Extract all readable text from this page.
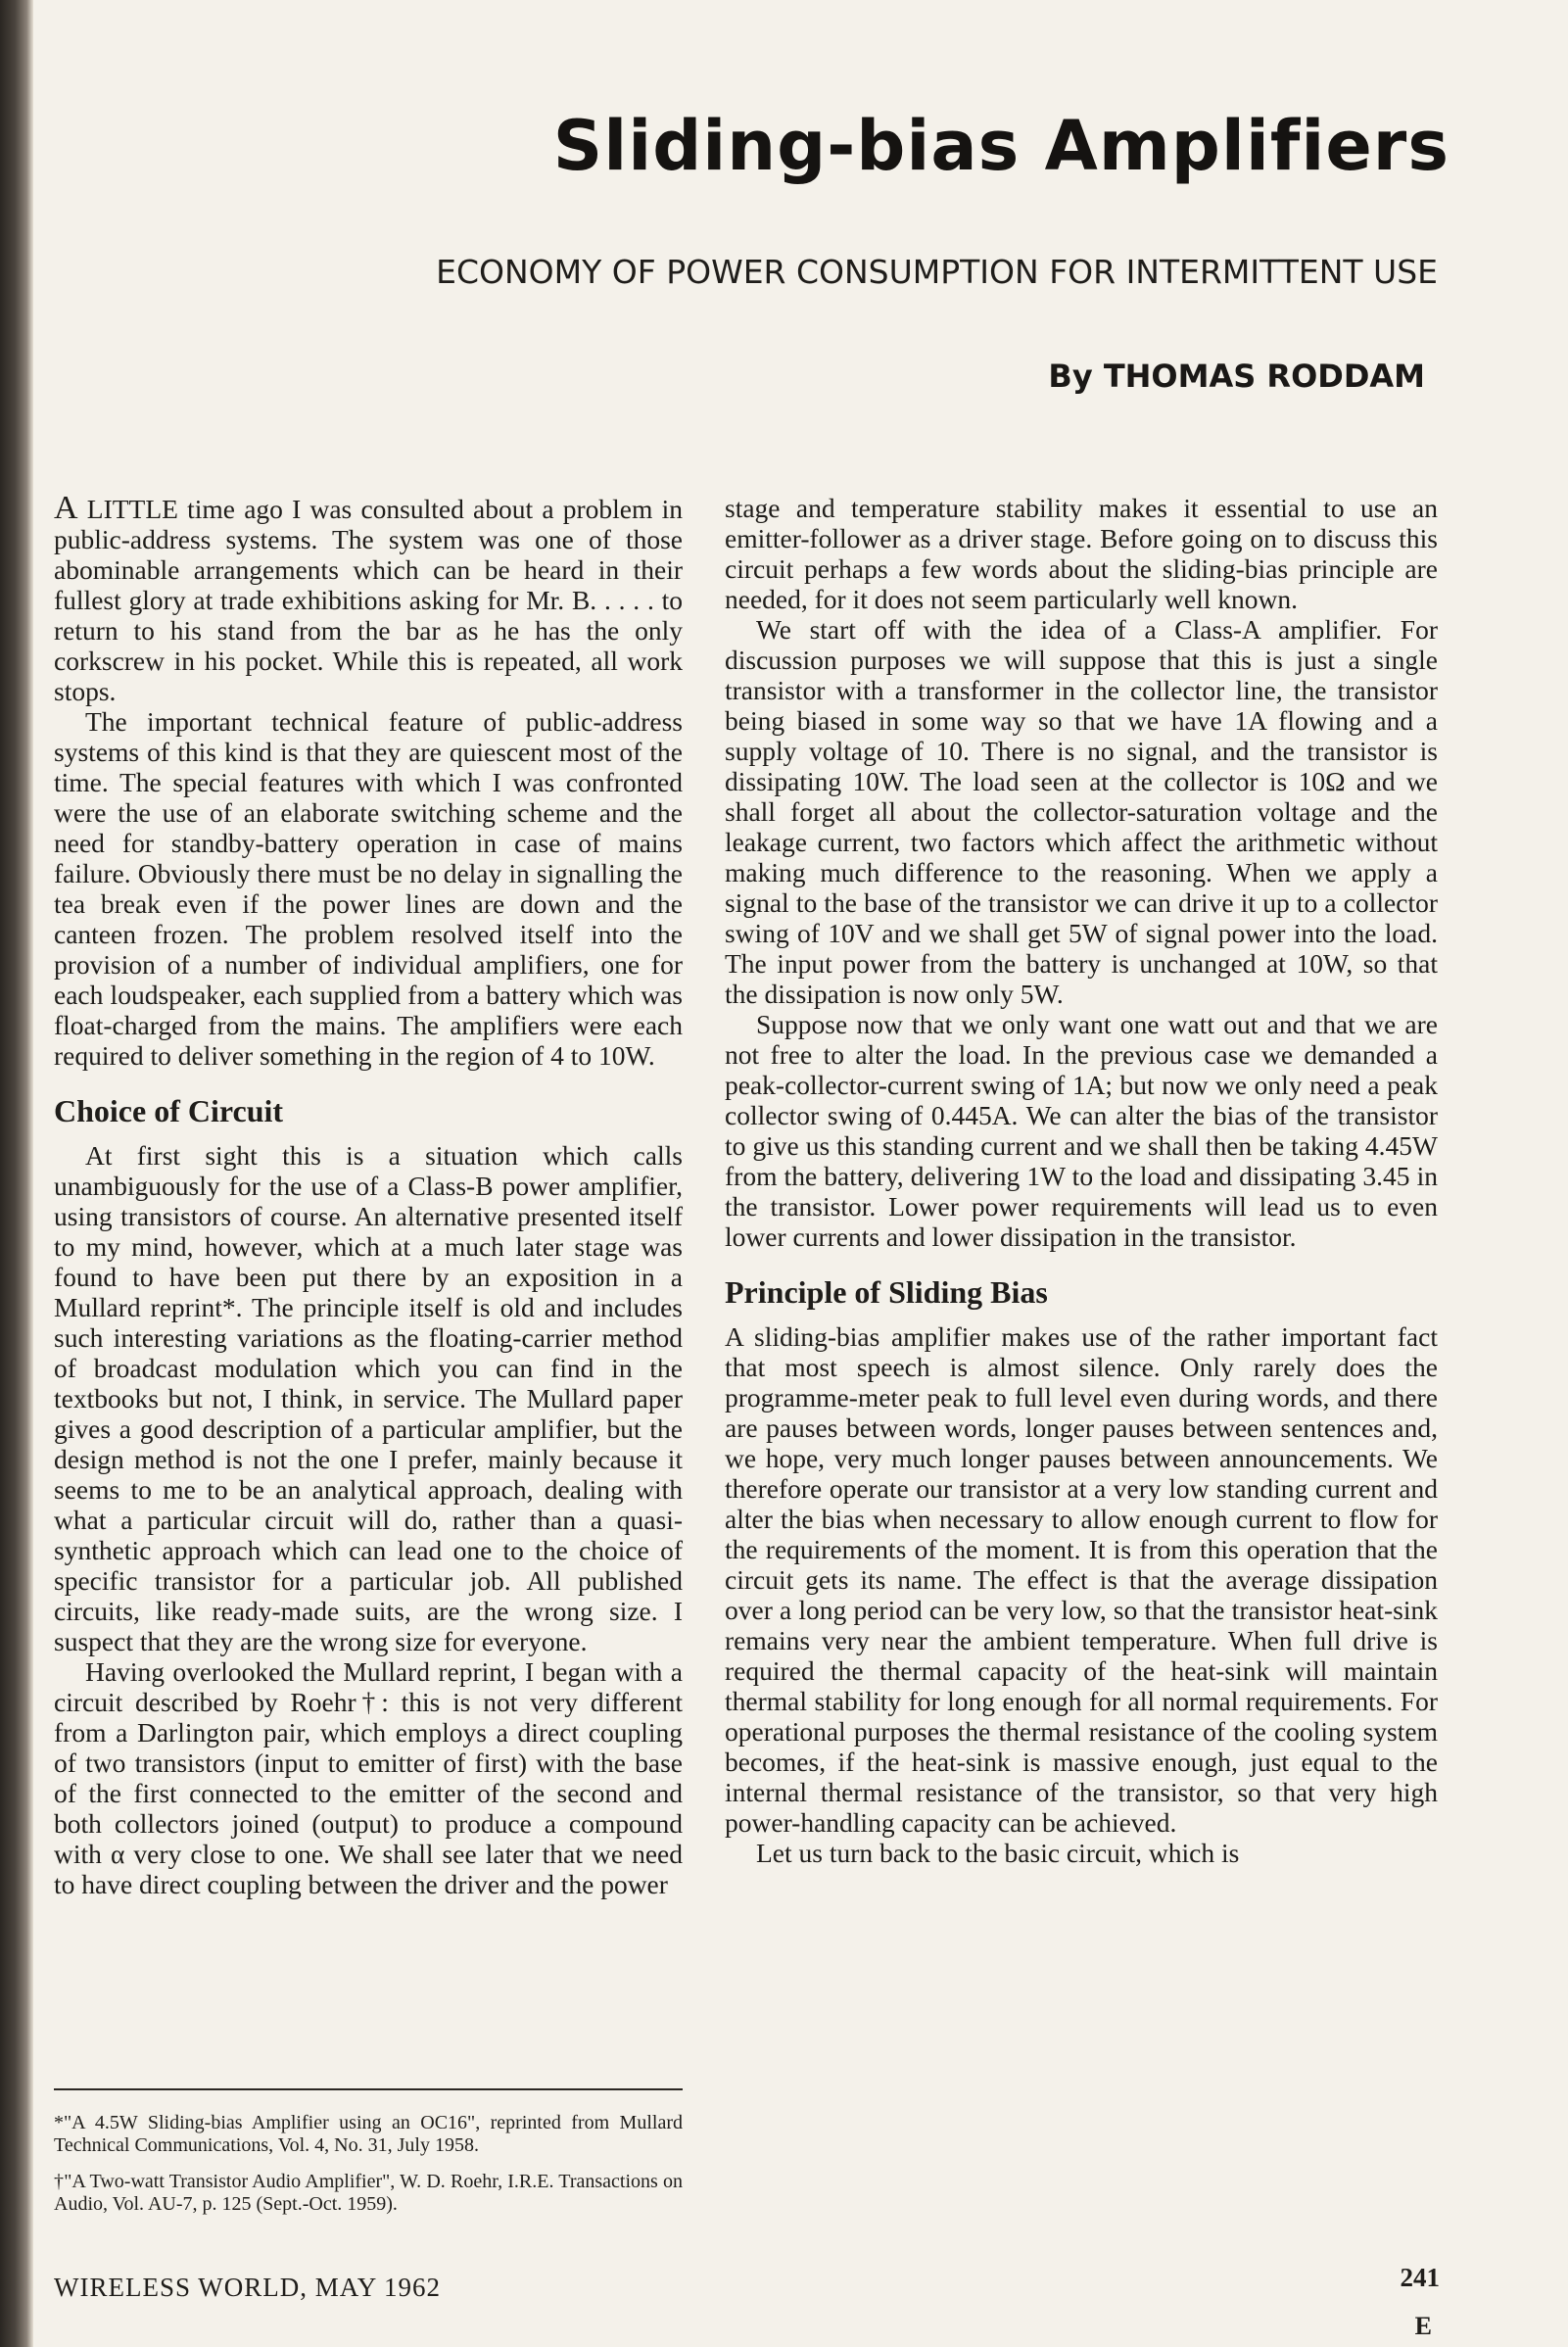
Sliding-bias Amplifiers
ECONOMY OF POWER CONSUMPTION FOR INTERMITTENT USE
By THOMAS RODDAM

A LITTLE time ago I was consulted about a problem in public-address systems. The system was one of those abominable arrangements which can be heard in their fullest glory at trade exhibitions asking for Mr. B. . . . . to return to his stand from the bar as he has the only corkscrew in his pocket. While this is repeated, all work stops.

The important technical feature of public-address systems of this kind is that they are quiescent most of the time. The special features with which I was confronted were the use of an elaborate switching scheme and the need for standby-battery operation in case of mains failure. Obviously there must be no delay in signalling the tea break even if the power lines are down and the canteen frozen. The problem resolved itself into the provision of a number of individual amplifiers, one for each loudspeaker, each supplied from a battery which was float-charged from the mains. The amplifiers were each required to deliver something in the region of 4 to 10W.

Choice of Circuit

At first sight this is a situation which calls unambiguously for the use of a Class-B power amplifier, using transistors of course. An alternative presented itself to my mind, however, which at a much later stage was found to have been put there by an exposition in a Mullard reprint*. The principle itself is old and includes such interesting variations as the floating-carrier method of broadcast modulation which you can find in the textbooks but not, I think, in service. The Mullard paper gives a good description of a particular amplifier, but the design method is not the one I prefer, mainly because it seems to me to be an analytical approach, dealing with what a particular circuit will do, rather than a quasi-synthetic approach which can lead one to the choice of specific transistor for a particular job. All published circuits, like ready-made suits, are the wrong size. I suspect that they are the wrong size for everyone.

Having overlooked the Mullard reprint, I began with a circuit described by Roehr†: this is not very different from a Darlington pair, which employs a direct coupling of two transistors (input to emitter of first) with the base of the first connected to the emitter of the second and both collectors joined (output) to produce a compound with α very close to one. We shall see later that we need to have direct coupling between the driver and the power

*"A 4.5W Sliding-bias Amplifier using an OC16", reprinted from Mullard Technical Communications, Vol. 4, No. 31, July 1958.

†"A Two-watt Transistor Audio Amplifier", W. D. Roehr, I.R.E. Transactions on Audio, Vol. AU-7, p. 125 (Sept.-Oct. 1959).

stage and temperature stability makes it essential to use an emitter-follower as a driver stage. Before going on to discuss this circuit perhaps a few words about the sliding-bias principle are needed, for it does not seem particularly well known.

We start off with the idea of a Class-A amplifier. For discussion purposes we will suppose that this is just a single transistor with a transformer in the collector line, the transistor being biased in some way so that we have 1A flowing and a supply voltage of 10. There is no signal, and the transistor is dissipating 10W. The load seen at the collector is 10Ω and we shall forget all about the collector-saturation voltage and the leakage current, two factors which affect the arithmetic without making much difference to the reasoning. When we apply a signal to the base of the transistor we can drive it up to a collector swing of 10V and we shall get 5W of signal power into the load. The input power from the battery is unchanged at 10W, so that the dissipation is now only 5W.

Suppose now that we only want one watt out and that we are not free to alter the load. In the previous case we demanded a peak-collector-current swing of 1A; but now we only need a peak collector swing of 0.445A. We can alter the bias of the transistor to give us this standing current and we shall then be taking 4.45W from the battery, delivering 1W to the load and dissipating 3.45 in the transistor. Lower power requirements will lead us to even lower currents and lower dissipation in the transistor.

Principle of Sliding Bias

A sliding-bias amplifier makes use of the rather important fact that most speech is almost silence. Only rarely does the programme-meter peak to full level even during words, and there are pauses between words, longer pauses between sentences and, we hope, very much longer pauses between announcements. We therefore operate our transistor at a very low standing current and alter the bias when necessary to allow enough current to flow for the requirements of the moment. It is from this operation that the circuit gets its name. The effect is that the average dissipation over a long period can be very low, so that the transistor heat-sink remains very near the ambient temperature. When full drive is required the thermal capacity of the heat-sink will maintain thermal stability for long enough for all normal requirements. For operational purposes the thermal resistance of the cooling system becomes, if the heat-sink is massive enough, just equal to the internal thermal resistance of the transistor, so that very high power-handling capacity can be achieved.

Let us turn back to the basic circuit, which is

WIRELESS WORLD, MAY 1962	241
E
